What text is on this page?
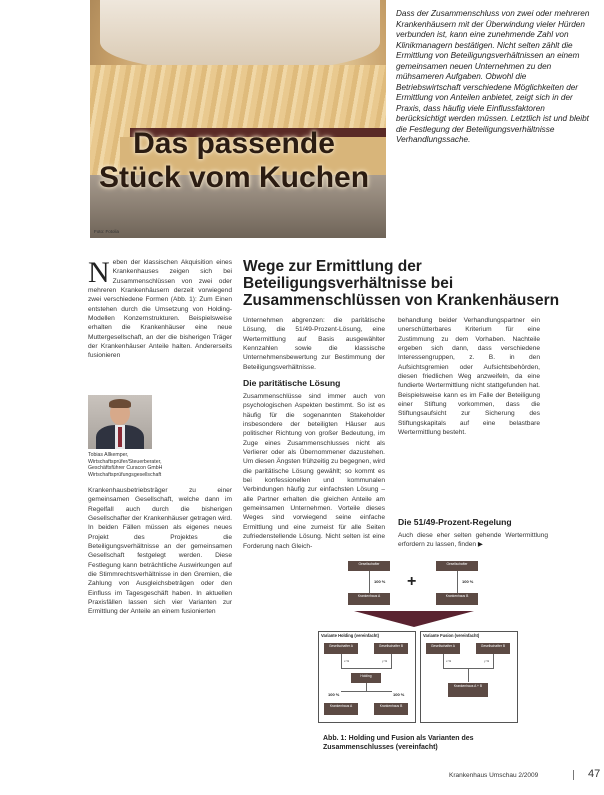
Das passende
Stück vom Kuchen
Foto: Fotolia
Dass der Zusammenschluss von zwei oder mehreren Krankenhäusern mit der Überwindung vieler Hürden verbunden ist, kann eine zunehmende Zahl von Klinikmanagern bestätigen. Nicht selten zählt die Ermittlung von Beteiligungsverhältnissen an einem gemeinsamen neuen Unternehmen zu den mühsameren Aufgaben. Obwohl die Betriebswirtschaft verschiedene Möglichkeiten der Ermittlung von Anteilen anbietet, zeigt sich in der Praxis, dass häufig viele Einflussfaktoren berücksichtigt werden müssen. Letztlich ist und bleibt die Festlegung der Beteiligungsverhältnisse Verhandlungssache.
Wege zur Ermittlung der Beteiligungsverhältnisse bei Zusammenschlüssen von Krankenhäusern
N eben der klassischen Akquisition eines Krankenhauses zeigen sich bei Zusammenschlüssen von zwei oder mehreren Krankenhäusern derzeit vorwiegend zwei verschiedene Formen (Abb. 1): Zum Einen entstehen durch die Umsetzung von Holding-Modellen Konzernstrukturen. Beispielsweise erhalten die Krankenhäuser eine neue Muttergesellschaft, an der die bisherigen Träger der Krankenhäuser Anteile halten. Andererseits fusionieren

Tobias Allkemper,
Wirtschaftsprüfer/Steuerberater,
Geschäftsführer Curacon GmbH
Wirtschaftsprüfungsgesellschaft

Krankenhausbetriebsträger zu einer gemeinsamen Gesellschaft, welche dann im Regelfall auch durch die bisherigen Gesellschafter der Krankenhäuser getragen wird. In beiden Fällen müssen als eigenes neues Projekt des Projektes die Beteiligungsverhältnisse an der gemeinsamen Gesellschaft festgelegt werden. Diese Festlegung kann beträchtliche Auswirkungen auf die Stimmrechtsverhältnisse in den Gremien, die Zahlung von Ausgleichsbeträgen oder den Einfluss im Tagesgeschäft haben. In aktuellen Praxisfällen lassen sich vier Varianten zur Ermittlung der Anteile an einem fusionierten

Unternehmen abgrenzen: die paritätische Lösung, die 51/49-Prozent-Lösung, eine Wertermittlung auf Basis ausgewählter Kennzahlen sowie die klassische Unternehmensbewertung zur Bestimmung der Beteiligungsverhältnisse.

Die paritätische Lösung

Zusammenschlüsse sind immer auch von psychologischen Aspekten bestimmt. So ist es häufig für die sogenannten Stakeholder insbesondere der beteiligten Häuser aus politischer Richtung von großer Bedeutung, im Zuge eines Zusammenschlusses nicht als Verlierer oder als Übernommener dazustehen. Um diesen Ängsten frühzeitig zu begegnen, wird die paritätische Lösung gewählt; so kommt es bei konfessionellen und kommunalen Verbindungen häufig zur einfachsten Lösung – alle Partner erhalten die gleichen Anteile am gemeinsamen Unternehmen. Vorteile dieses Weges sind vorwiegend seine einfache Ermittlung und eine zumeist für alle Seiten zufriedenstellende Lösung. Nicht selten ist eine Forderung nach Gleich-

behandlung beider Verhandlungspartner ein unerschütterbares Kriterium für eine Zustimmung zu dem Vorhaben. Nachteile ergeben sich dann, dass verschiedene Interessengruppen, z. B. in den Aufsichtsgremien oder Aufsichtsbehörden, diesen friedlichen Weg anzweifeln, da eine fundierte Wertermittlung nicht stattgefunden hat. Beispielsweise kann es im Falle der Beteiligung einer Stiftung vorkommen, dass die Stiftungsaufsicht zur Sicherung des Stiftungskapitals auf eine belastbare Wertermittlung besteht.

Die 51/49-Prozent-Regelung

Auch diese eher selten gehende Wertermittlung erfordern zu lassen, finden ▶

Gesellschafter	Gesellschafter
100 %	100 %
+
Krankenhaus A	Krankenhaus B
Variante Holding (vereinfacht)
Gesellschafter A	Gesellschafter B
x %	y %
Holding
100 %	100 %
Krankenhaus A	Krankenhaus B
Variante Fusion (vereinfacht)
Gesellschafter A	Gesellschafter B
x %	y %
Krankenhaus A + B
Abb. 1: Holding und Fusion als Varianten des Zusammenschlusses (vereinfacht)
Krankenhaus Umschau 2/2009	47
